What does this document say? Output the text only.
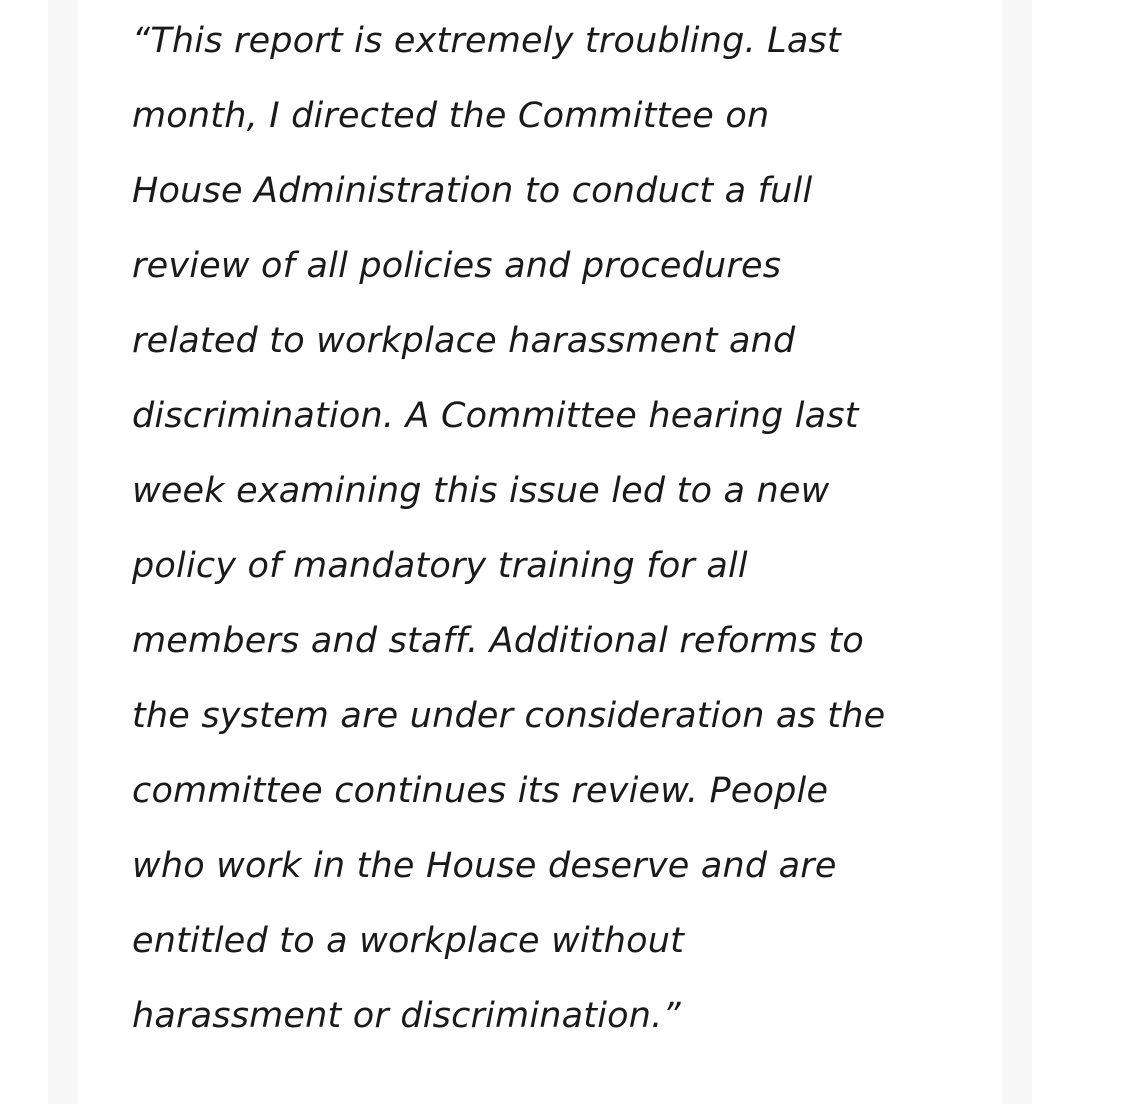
“This report is extremely troubling. Last
month, I directed the Committee on
House Administration to conduct a full
review of all policies and procedures
related to workplace harassment and
discrimination. A Committee hearing last
week examining this issue led to a new
policy of mandatory training for all
members and staff. Additional reforms to
the system are under consideration as the
committee continues its review. People
who work in the House deserve and are
entitled to a workplace without
harassment or discrimination.”
